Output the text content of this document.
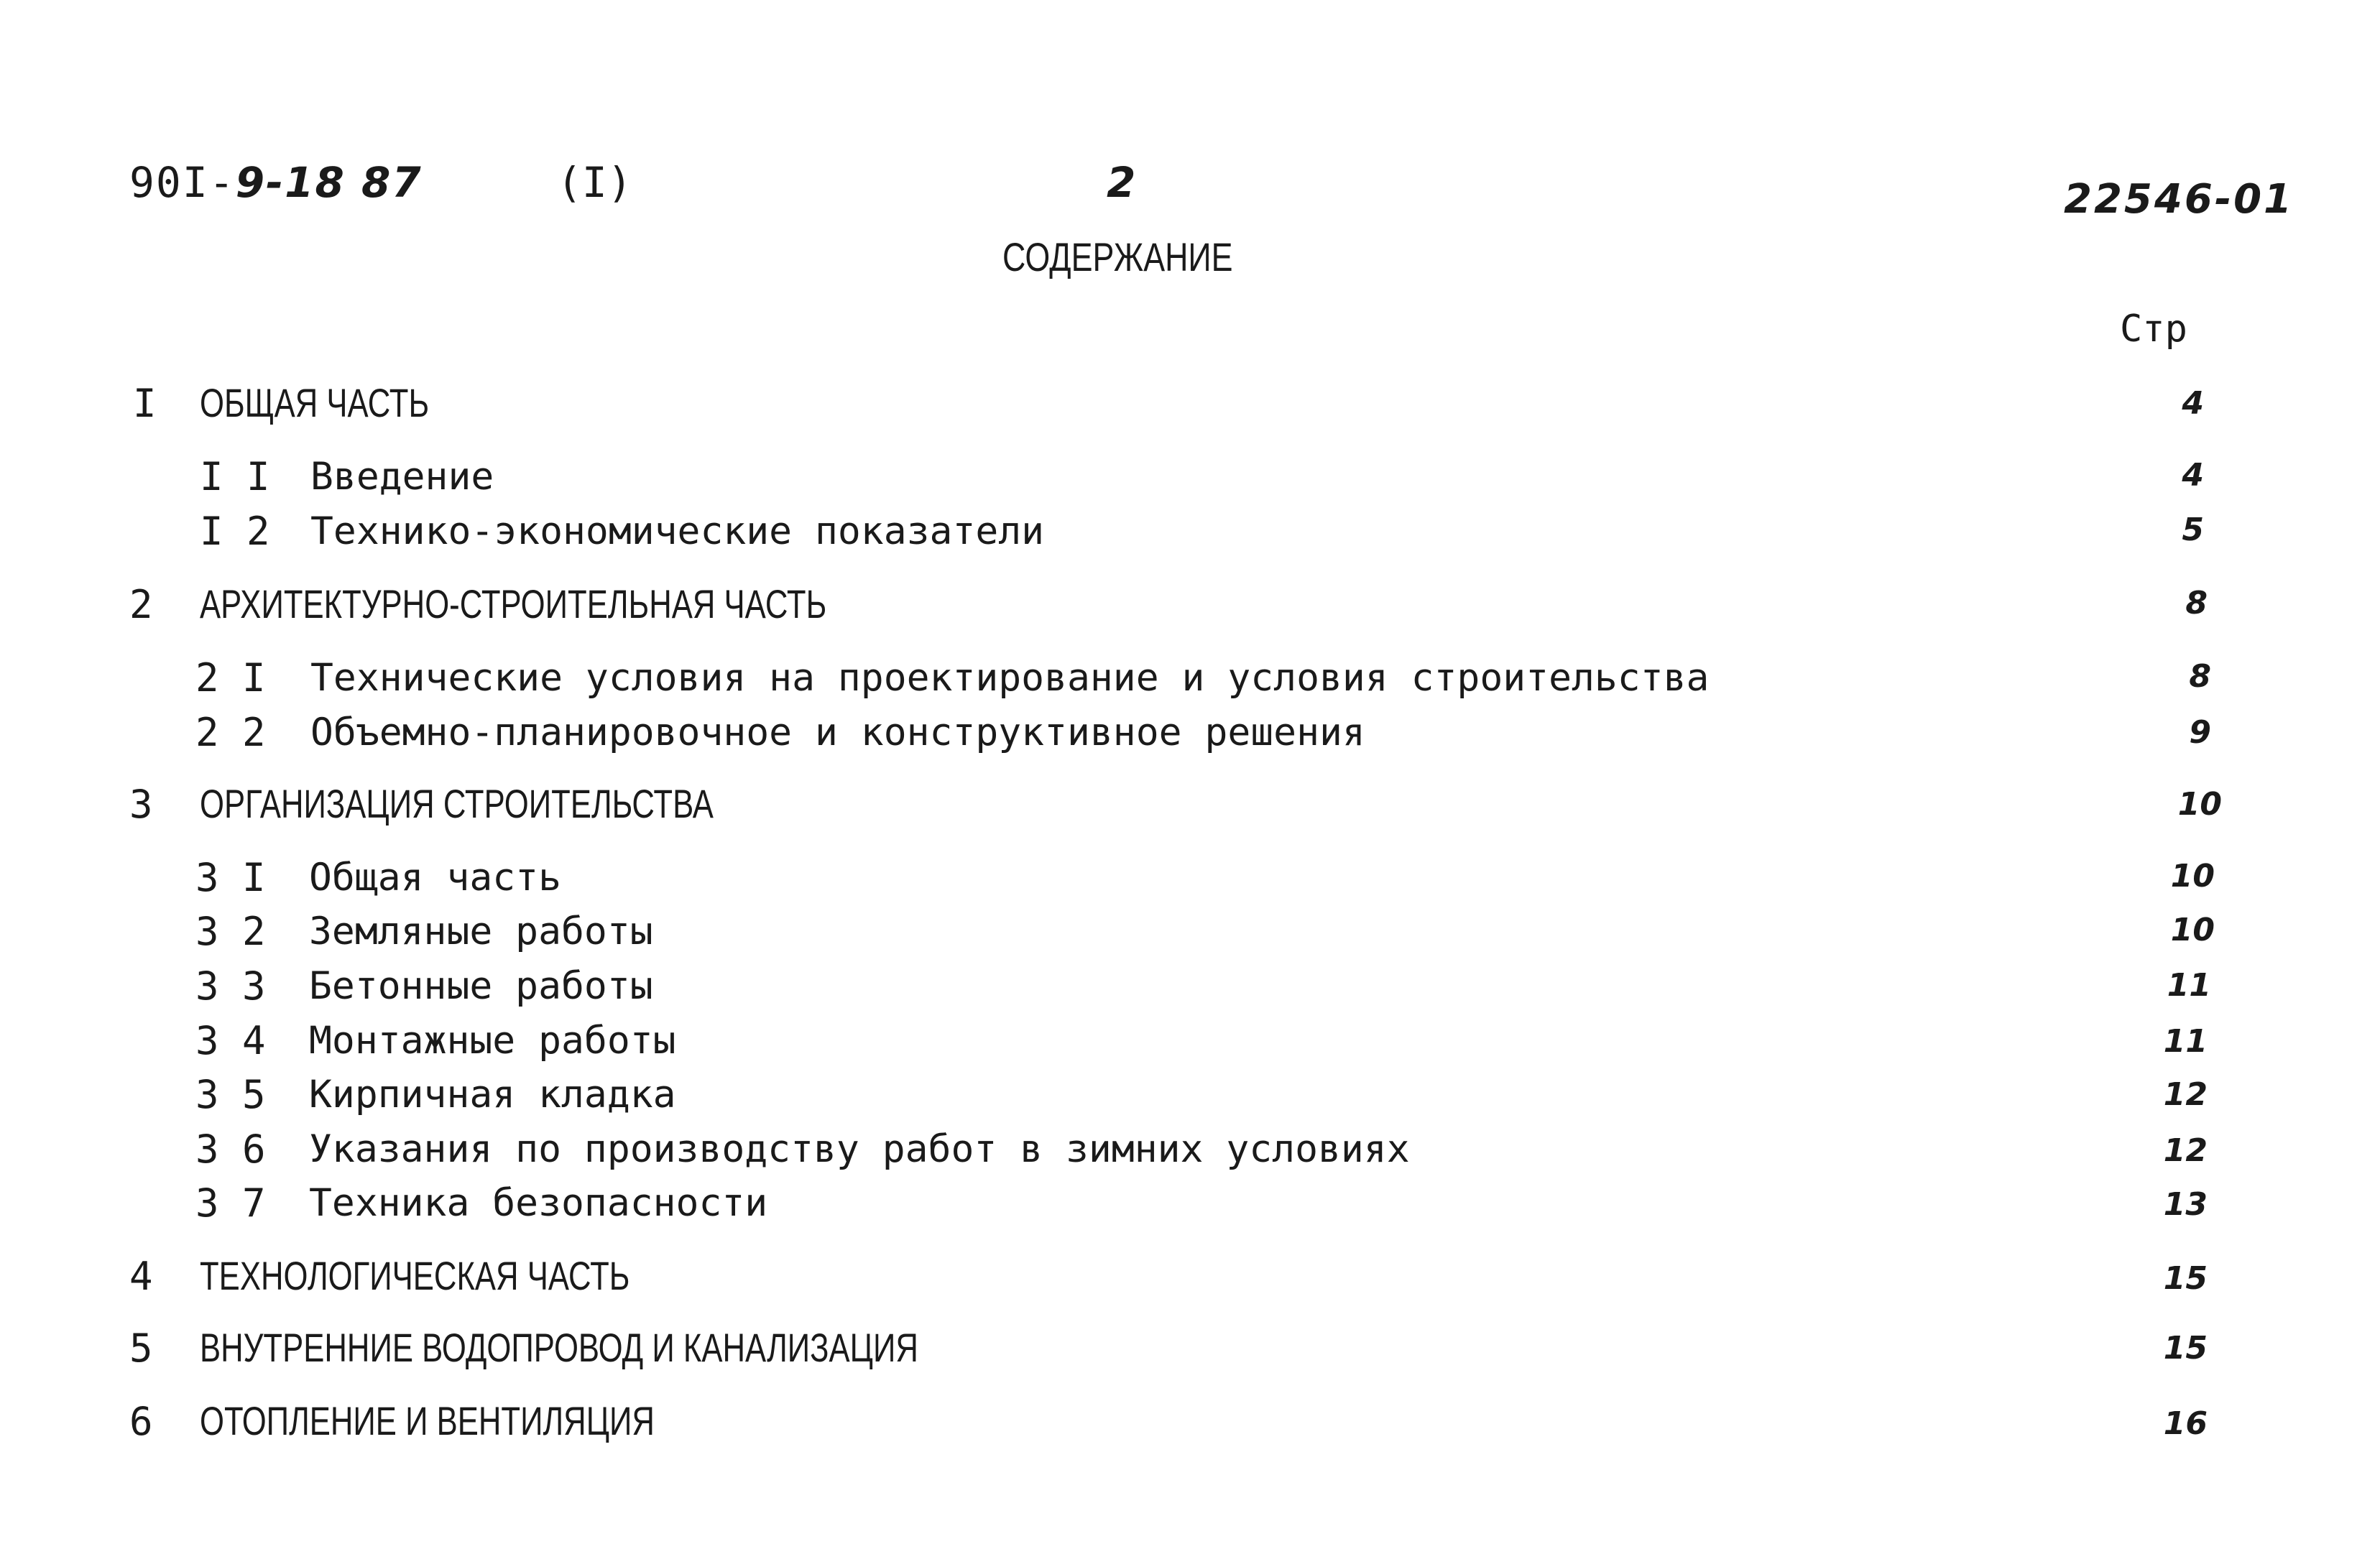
90I-9-18 87	(I)	2	22546-01
СОДЕРЖАНИЕ
Стр
I ОБЩАЯ ЧАСТЬ	4
I I Введение	4
I 2 Технико-экономические показатели	5
2 АРХИТЕКТУРНО-СТРОИТЕЛЬНАЯ ЧАСТЬ	8
2 I Технические условия на проектирование и условия строительства	8
2 2 Объемно-планировочное и конструктивное решения	9
3 ОРГАНИЗАЦИЯ СТРОИТЕЛЬСТВА	10
3 I Общая часть	10
3 2 Земляные работы	10
3 3 Бетонные работы	11
3 4 Монтажные работы	11
3 5 Кирпичная кладка	12
3 6 Указания по производству работ в зимних условиях	12
3 7 Техника безопасности	13
4 ТЕХНОЛОГИЧЕСКАЯ ЧАСТЬ	15
5 ВНУТРЕННИЕ ВОДОПРОВОД И КАНАЛИЗАЦИЯ	15
6 ОТОПЛЕНИЕ И ВЕНТИЛЯЦИЯ	16
